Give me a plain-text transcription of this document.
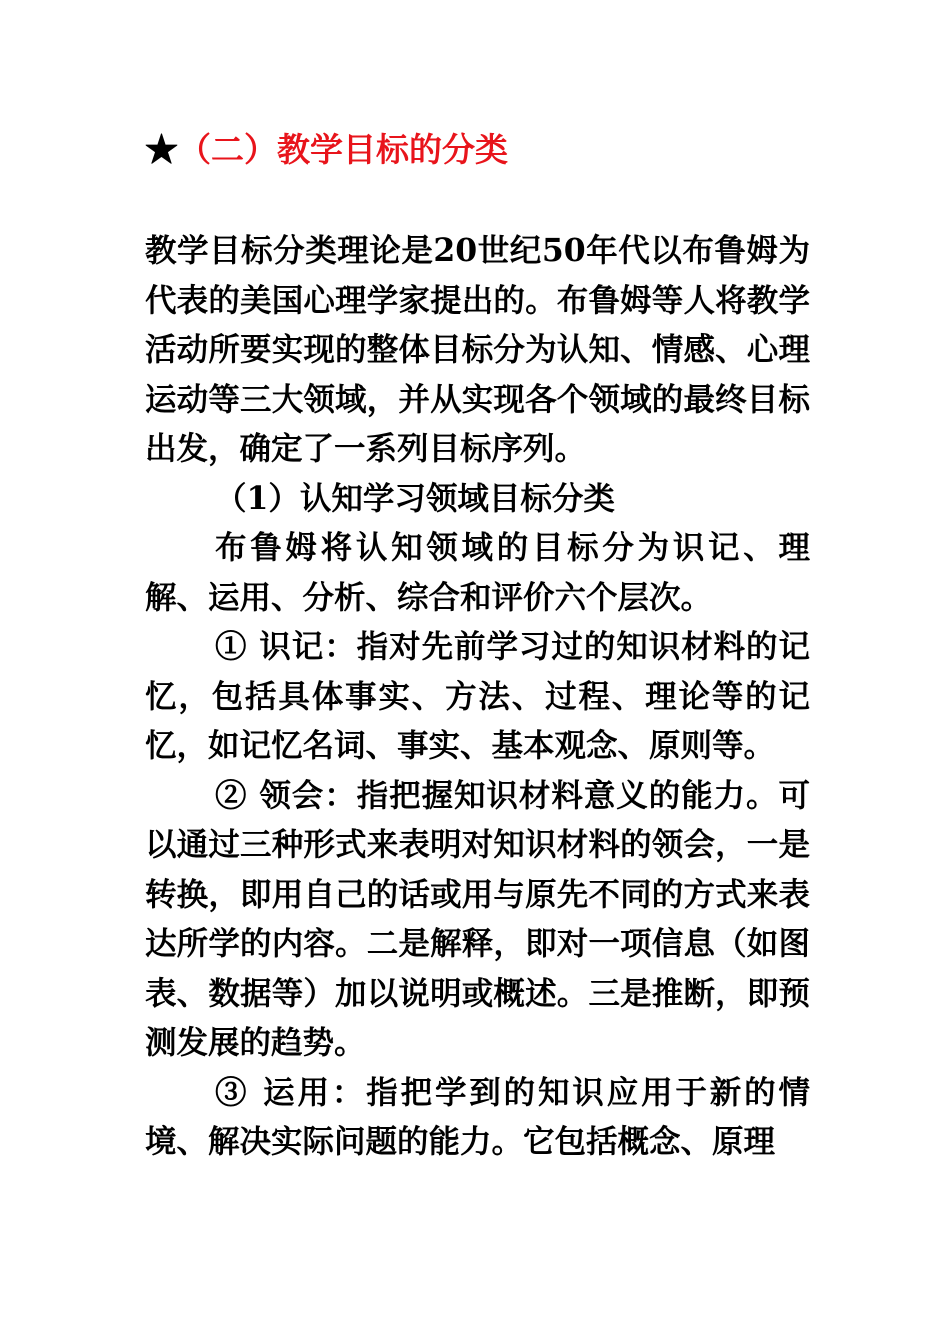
★（二）教学目标的分类

教学目标分类理论是20世纪50年代以布鲁姆为代表的美国心理学家提出的。布鲁姆等人将教学活动所要实现的整体目标分为认知、情感、心理运动等三大领域，并从实现各个领域的最终目标出发，确定了一系列目标序列。

（1）认知学习领域目标分类

布鲁姆将认知领域的目标分为识记、理解、运用、分析、综合和评价六个层次。

① 识记：指对先前学习过的知识材料的记忆，包括具体事实、方法、过程、理论等的记忆，如记忆名词、事实、基本观念、原则等。

② 领会：指把握知识材料意义的能力。可以通过三种形式来表明对知识材料的领会，一是转换，即用自己的话或用与原先不同的方式来表达所学的内容。二是解释，即对一项信息（如图表、数据等）加以说明或概述。三是推断，即预测发展的趋势。

③ 运用：指把学到的知识应用于新的情境、解决实际问题的能力。它包括概念、原理
